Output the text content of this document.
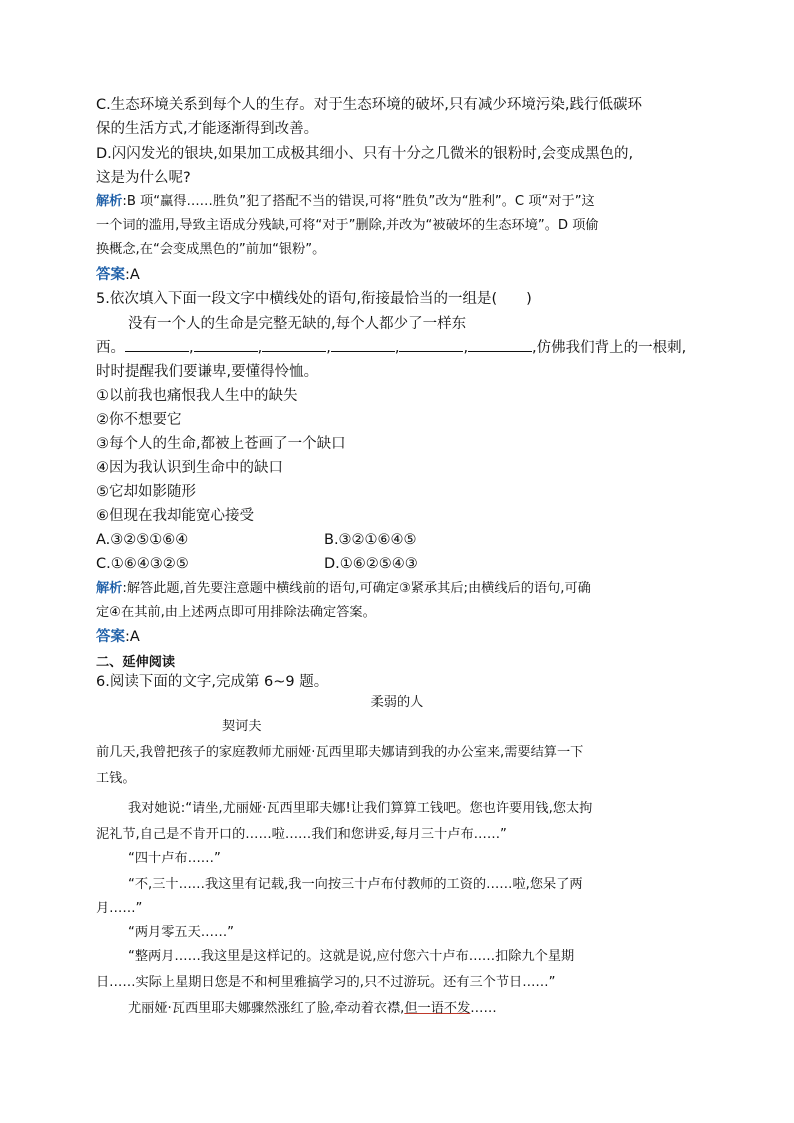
C.生态环境关系到每个人的生存。对于生态环境的破坏,只有减少环境污染,践行低碳环
保的生活方式,才能逐渐得到改善。
D.闪闪发光的银块,如果加工成极其细小、只有十分之几微米的银粉时,会变成黑色的,
这是为什么呢?
解析:B 项“赢得……胜负”犯了搭配不当的错误,可将“胜负”改为“胜利”。C 项“对于”这
一个词的滥用,导致主语成分残缺,可将“对于”删除,并改为“被破坏的生态环境”。D 项偷
换概念,在“会变成黑色的”前加“银粉”。
答案:A
5.依次填入下面一段文字中横线处的语句,衔接最恰当的一组是(　　)
没有一个人的生命是完整无缺的,每个人都少了一样东
西。	,	,	,	,	,	,仿佛我们背上的一根刺,
时时提醒我们要谦卑,要懂得怜恤。
①以前我也痛恨我人生中的缺失
②你不想要它
③每个人的生命,都被上苍画了一个缺口
④因为我认识到生命中的缺口
⑤它却如影随形
⑥但现在我却能宽心接受
A.③②⑤①⑥④	B.③②①⑥④⑤
C.①⑥④③②⑤	D.①⑥②⑤④③
解析:解答此题,首先要注意题中横线前的语句,可确定③紧承其后;由横线后的语句,可确
定④在其前,由上述两点即可用排除法确定答案。
答案:A
二、延伸阅读
6.阅读下面的文字,完成第 6~9 题。
柔弱的人
契诃夫
前几天,我曾把孩子的家庭教师尤丽娅·瓦西里耶夫娜请到我的办公室来,需要结算一下
工钱。
我对她说:“请坐,尤丽娅·瓦西里耶夫娜!让我们算算工钱吧。您也许要用钱,您太拘
泥礼节,自己是不肯开口的……啦……我们和您讲妥,每月三十卢布……”
“四十卢布……”
“不,三十……我这里有记载,我一向按三十卢布付教师的工资的……啦,您呆了两
月……”
“两月零五天……”
“整两月……我这里是这样记的。这就是说,应付您六十卢布……扣除九个星期
日……实际上星期日您是不和柯里雅搞学习的,只不过游玩。还有三个节日……”
尤丽娅·瓦西里耶夫娜骤然涨红了脸,牵动着衣襟,但一语不发……
